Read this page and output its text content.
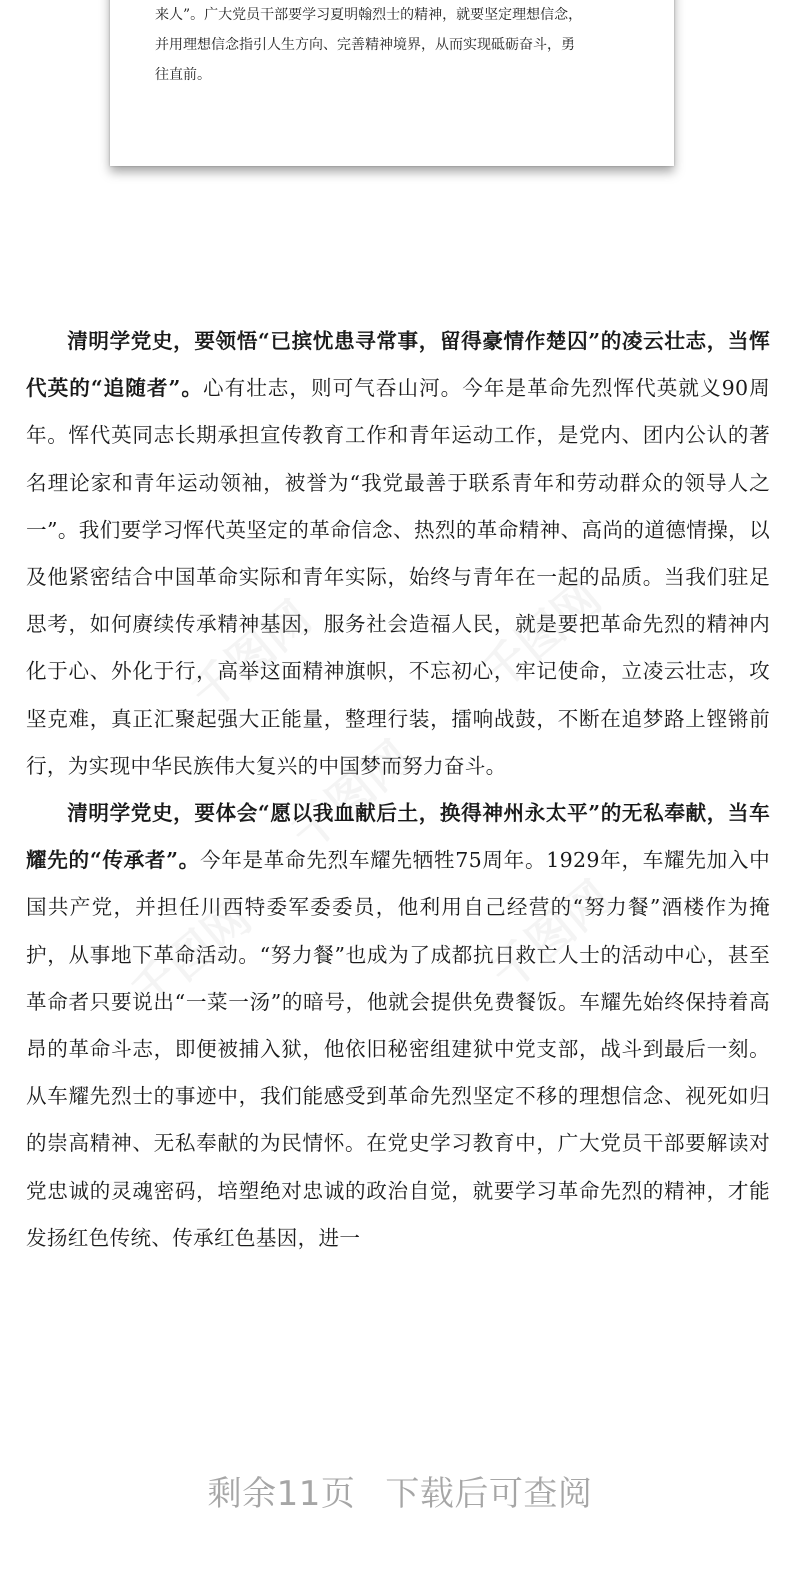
来人”。广大党员干部要学习夏明翰烈士的精神，就要坚定理想信念，

并用理想信念指引人生方向、完善精神境界，从而实现砥砺奋斗，勇

往直前。

清明学党史，要领悟“已摈忧患寻常事，留得豪情作楚囚”的凌云壮志，当恽代英的“追随者”。心有壮志，则可气吞山河。今年是革命先烈恽代英就义90周年。恽代英同志长期承担宣传教育工作和青年运动工作，是党内、团内公认的著名理论家和青年运动领袖，被誉为“我党最善于联系青年和劳动群众的领导人之一”。我们要学习恽代英坚定的革命信念、热烈的革命精神、高尚的道德情操，以及他紧密结合中国革命实际和青年实际，始终与青年在一起的品质。当我们驻足思考，如何赓续传承精神基因，服务社会造福人民，就是要把革命先烈的精神内化于心、外化于行，高举这面精神旗帜，不忘初心，牢记使命，立凌云壮志，攻坚克难，真正汇聚起强大正能量，整理行装，擂响战鼓，不断在追梦路上铿锵前行，为实现中华民族伟大复兴的中国梦而努力奋斗。

清明学党史，要体会“愿以我血献后土，换得神州永太平”的无私奉献，当车耀先的“传承者”。今年是革命先烈车耀先牺牲75周年。1929年，车耀先加入中国共产党，并担任川西特委军委委员，他利用自己经营的“努力餐”酒楼作为掩护，从事地下革命活动。“努力餐”也成为了成都抗日救亡人士的活动中心，甚至革命者只要说出“一菜一汤”的暗号，他就会提供免费餐饭。车耀先始终保持着高昂的革命斗志，即便被捕入狱，他依旧秘密组建狱中党支部，战斗到最后一刻。从车耀先烈士的事迹中，我们能感受到革命先烈坚定不移的理想信念、视死如归的崇高精神、无私奉献的为民情怀。在党史学习教育中，广大党员干部要解读对党忠诚的灵魂密码，培塑绝对忠诚的政治自觉，就要学习革命先烈的精神，才能发扬红色传统、传承红色基因，进一

剩余11页 下载后可查阅
